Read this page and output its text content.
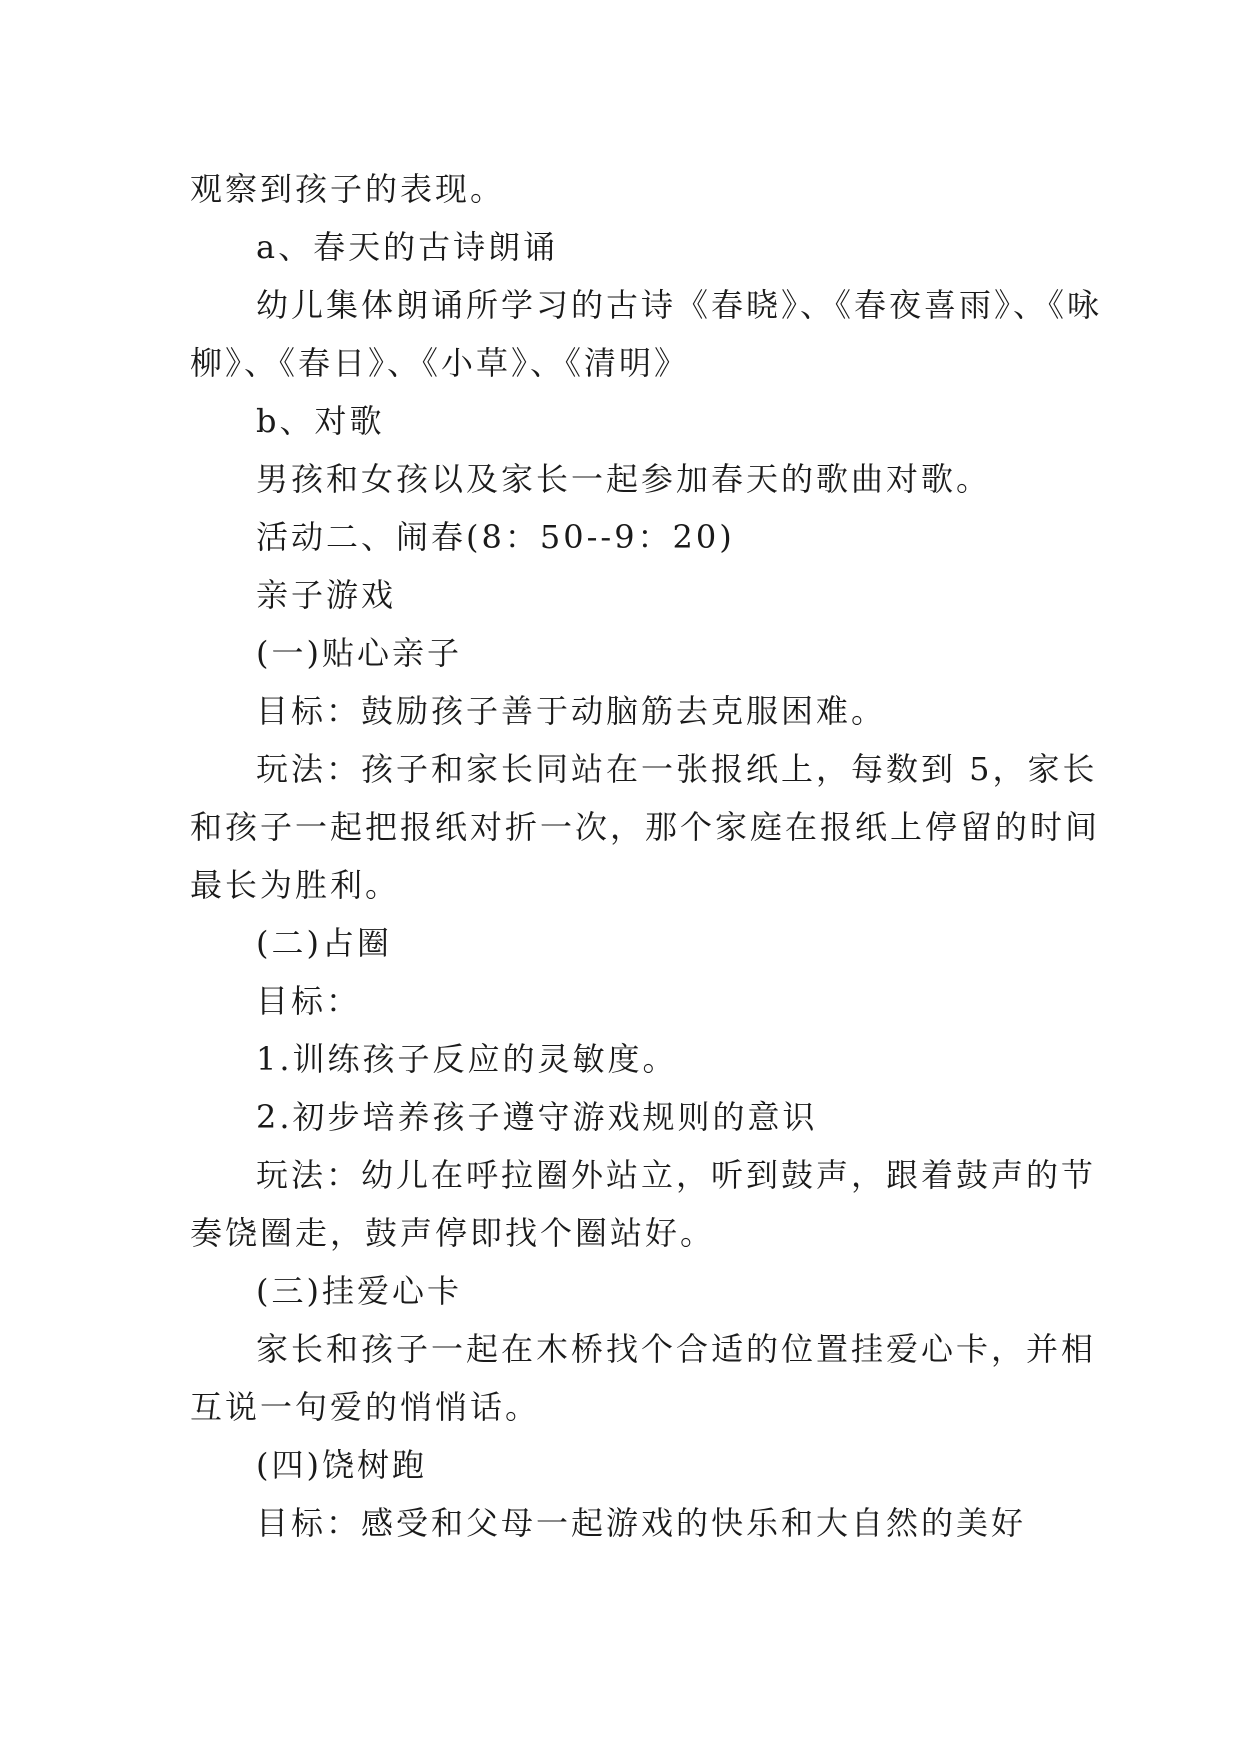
观察到孩子的表现。

a、春天的古诗朗诵

幼儿集体朗诵所学习的古诗《春晓》、《春夜喜雨》、《咏

柳》、《春日》、《小草》、《清明》

b、对歌

男孩和女孩以及家长一起参加春天的歌曲对歌。

活动二、闹春(8：50--9：20)

亲子游戏

(一)贴心亲子

目标：鼓励孩子善于动脑筋去克服困难。

玩法：孩子和家长同站在一张报纸上，每数到 5，家长

和孩子一起把报纸对折一次，那个家庭在报纸上停留的时间

最长为胜利。

(二)占圈

目标：

1.训练孩子反应的灵敏度。

2.初步培养孩子遵守游戏规则的意识

玩法：幼儿在呼拉圈外站立，听到鼓声，跟着鼓声的节

奏饶圈走，鼓声停即找个圈站好。

(三)挂爱心卡

家长和孩子一起在木桥找个合适的位置挂爱心卡，并相

互说一句爱的悄悄话。

(四)饶树跑

目标：感受和父母一起游戏的快乐和大自然的美好
